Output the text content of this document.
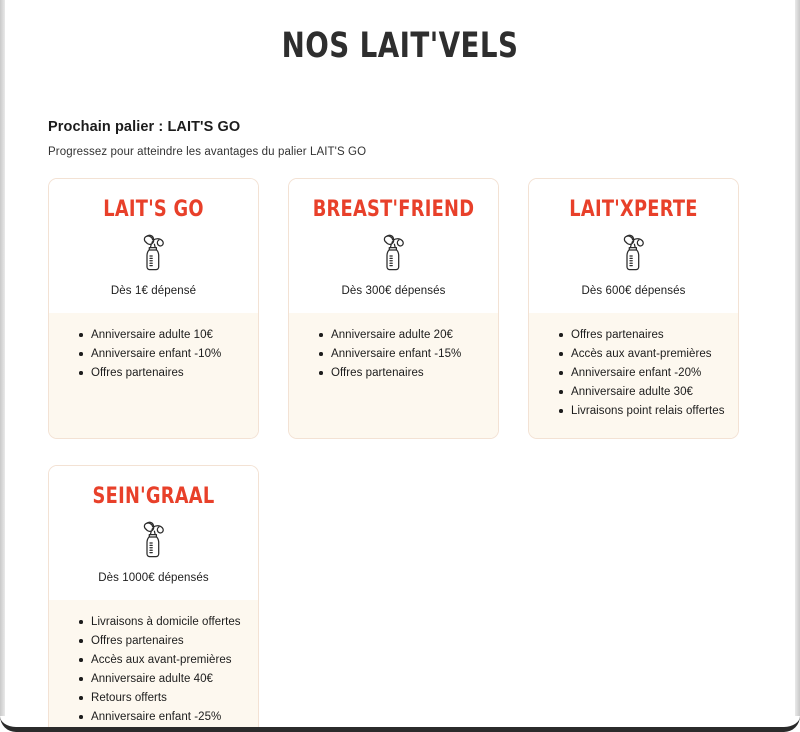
NOS LAIT'VELS
Prochain palier : LAIT'S GO
Progressez pour atteindre les avantages du palier LAIT'S GO
LAIT'S GO
Dès 1€ dépensé
Anniversaire adulte 10€
Anniversaire enfant -10%
Offres partenaires
BREAST'FRIEND
Dès 300€ dépensés
Anniversaire adulte 20€
Anniversaire enfant -15%
Offres partenaires
LAIT'XPERTE
Dès 600€ dépensés
Offres partenaires
Accès aux avant-premières
Anniversaire enfant -20%
Anniversaire adulte 30€
Livraisons point relais offertes
SEIN'GRAAL
Dès 1000€ dépensés
Livraisons à domicile offertes
Offres partenaires
Accès aux avant-premières
Anniversaire adulte 40€
Retours offerts
Anniversaire enfant -25%
